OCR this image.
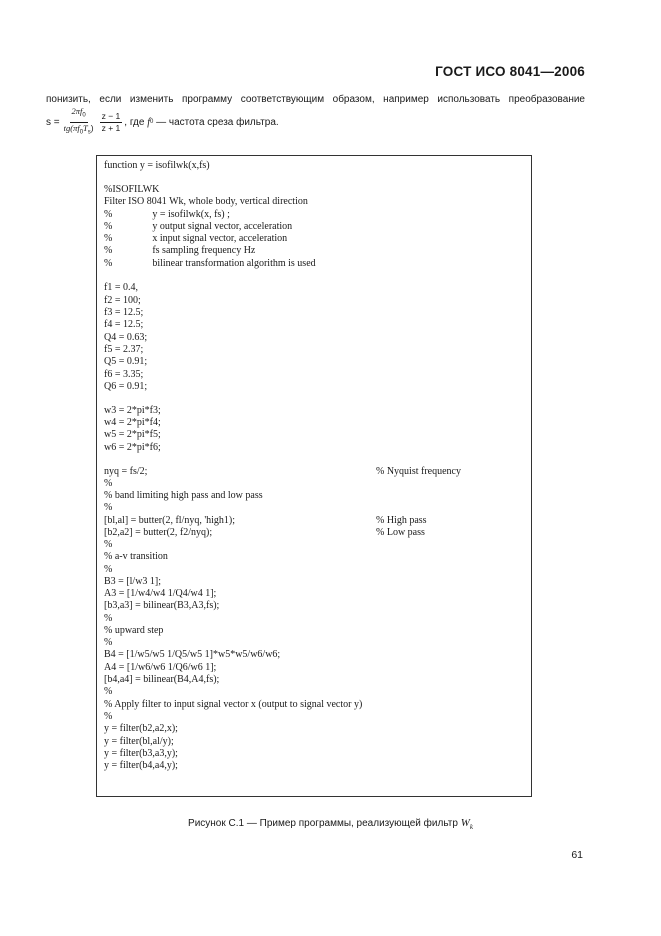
ГОСТ ИСО 8041—2006
понизить, если изменить программу соответствующим образом, например использовать преобразование
$s = \frac{2\pi f_0}{tg(\pi f_0T_s)} \frac{z - 1}{z + 1}$ , где
f 0
— частота среза фильтра.
function y = isofilwk(x,fs)
%ISOFILWK
Filter ISO 8041 Wk, whole body, vertical direction
%                y = isofilwk(x, fs) ;
%                y output signal vector, acceleration
%                x input signal vector, acceleration
%                fs sampling frequency Hz
%                bilinear transformation algorithm is used
f1 = 0.4,
f2 = 100;
f3 = 12.5;
f4 = 12.5;
Q4 = 0.63;
f5 = 2.37;
Q5 = 0.91;
f6 = 3.35;
Q6 = 0.91;
w3 = 2*pi*f3;
w4 = 2*pi*f4;
w5 = 2*pi*f5;
w6 = 2*pi*f6;
nyq = fs/2;	% Nyquist frequency
%
% band limiting high pass and low pass
%
[bl,al] = butter(2, fl/nyq, 'high1);	% High pass
[b2,a2] = butter(2, f2/nyq);	% Low pass
%
% a-v transition
%
B3 = [l/w3 1];
A3 = [1/w4/w4 1/Q4/w4 1];
[b3,a3] = bilinear(B3,A3,fs);
%
% upward step
%
B4 = [1/w5/w5 1/Q5/w5 1]*w5*w5/w6/w6;
A4 = [1/w6/w6 1/Q6/w6 1];
[b4,a4] = bilinear(B4,A4,fs);
%
% Apply filter to input signal vector x (output to signal vector y)
%
y = filter(b2,a2,x);
y = filter(bl,al/y);
y = filter(b3,a3,y);
y = filter(b4,a4,y);
Рисунок С.1 — Пример программы, реализующей фильтр $W_k$
61
